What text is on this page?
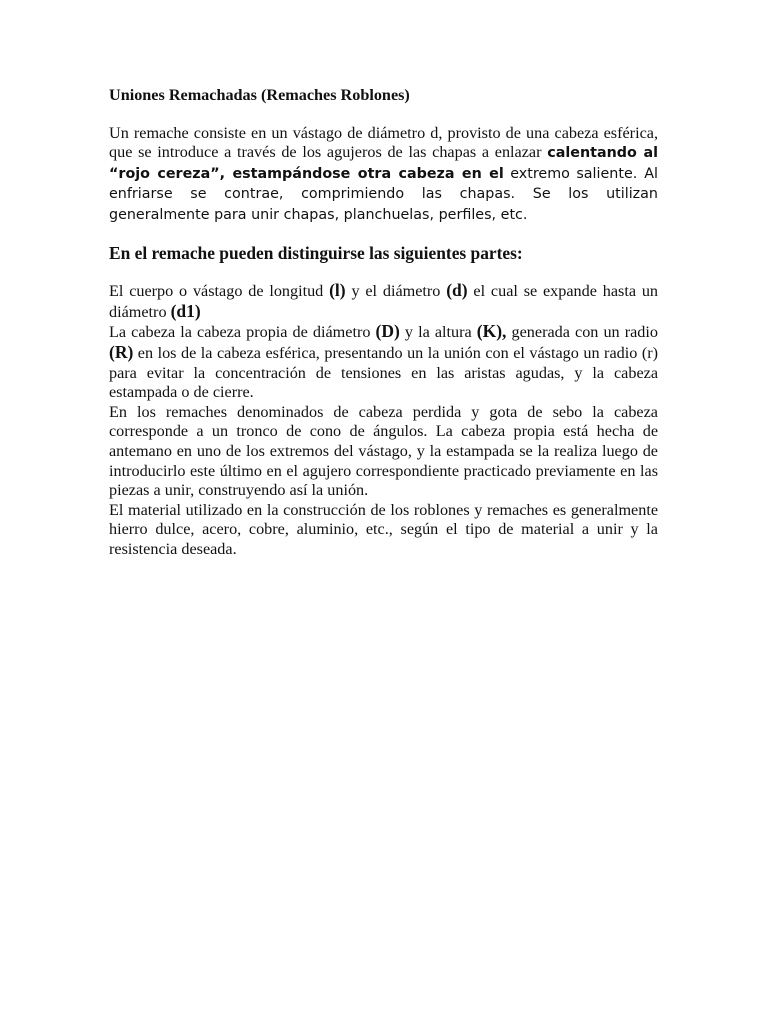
Uniones Remachadas (Remaches Roblones)

Un remache consiste en un vástago de diámetro d, provisto de una cabeza esférica, que se introduce a través de los agujeros de las chapas a enlazar calentando al “rojo cereza”, estampándose otra cabeza en el extremo saliente. Al enfriarse se contrae, comprimiendo las chapas. Se los utilizan generalmente para unir chapas, planchuelas, perfiles, etc.

En el remache pueden distinguirse las siguientes partes:

El cuerpo o vástago de longitud (l) y el diámetro (d) el cual se expande hasta un diámetro (d1)

La cabeza la cabeza propia de diámetro (D) y la altura (K), generada con un radio (R) en los de la cabeza esférica, presentando un la unión con el vástago un radio (r) para evitar la concentración de tensiones en las aristas agudas, y la cabeza estampada o de cierre.

En los remaches denominados de cabeza perdida y gota de sebo la cabeza corresponde a un tronco de cono de ángulos. La cabeza propia está hecha de antemano en uno de los extremos del vástago, y la estampada se la realiza luego de introducirlo este último en el agujero correspondiente practicado previamente en las piezas a unir, construyendo así la unión.

El material utilizado en la construcción de los roblones y remaches es generalmente hierro dulce, acero, cobre, aluminio, etc., según el tipo de material a unir y la resistencia deseada.
